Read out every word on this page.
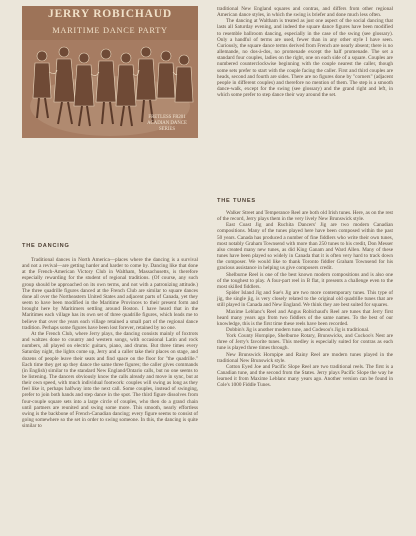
JERRY ROBICHAUD
MARITIME DANCE PARTY
FRETLESS FR201
ACADIAN DANCE SERIES

traditional New England squares and contras, and differs from other regional American dance styles, in which the swing is briefer and done much less often.

The dancing at Waltham is treated as just one aspect of the social dancing that lasts all Saturday evening, and indeed the square dance figures have been modified to resemble ballroom dancing, especially in the case of the swing (see glossary). Only a handful of terms are used, fewer than in any other style I have seen. Curiously, the square dance terms derived from French are nearly absent; there is no allemande, no dos-à-dos, no promenade except the half promenade. The set a standard four couples, ladies on the right, one on each side of a square. Couples are numbered counterclockwise beginning with the couple nearest the caller, though some sets prefer to start with the couple facing the caller. First and third couples are heads, second and fourth are sides. There are no figures done by "corners" (adjacent people in different couples) and therefore no mention of them. The step is a smooth dance-walk, except for the swing (see glossary) and the grand right and left, in which some prefer to step dance their way around the set.

THE TUNES

Walker Street and Temperance Reel are both old Irish tunes. Here, as on the rest of the record, Jerry plays them in the very lively New Brunswick style.

East Coast Jig and Ruchita Dancers' Jig are two modern Canadian compositions. Many of the tunes played here have been composed within the past 50 years. Canada has produced a number of fine fiddlers who write their own tunes, most notably Graham Townsend with more than 250 tunes to his credit, Don Messer also created many new tunes, as did King Ganam and Ward Allen. Many of these tunes have been played so widely in Canada that it is often very hard to track down the composer. We would like to thank Toronto fiddler Graham Townsend for his gracious assistance in helping us give composers credit.

Shelburne Reel is one of the best known modern compositions and is also one of the toughest to play. A four-part reel in B flat, it presents a challenge even to the most skilled fiddlers.

Spider Island Jig and Sue's Jig are two more contemporary tunes. This type of jig, the single jig, is very closely related to the original old quadrille tunes that are still played in Canada and New England. We think they are best suited for squares.

Maxime Leblanc's Reel and Angus Robichaud's Reel are tunes that Jerry first heard many years ago from two fiddlers of the same names. To the best of our knowledge, this is the first time these reels have been recorded.

Dobbin's Jig is another modern tune, and Codesou's Jig is traditional.

York County Hornpipe, Shelburne Rotary, Brunswicks, and Cuckoo's Nest are three of Jerry's favorite tunes. This medley is especially suited for contras as each tune is played three times through.

New Brunswick Hornpipe and Rainy Reel are modern tunes played in the traditional New Brunswick style.

Cotton Eyed Joe and Pacific Slope Reel are two traditional reels. The first is a Canadian tune, and the second from the States. Jerry plays Pacific Slope the way he learned it from Maxime Leblanc many years ago. Another version can be found in Cole's 1000 Fiddle Tunes.

THE DANCING

Traditional dances in North America—places where the dancing is a survival and not a revival—are getting harder and harder to come by. Dancing like that done at the French-American Victory Club in Waltham, Massachusetts, is therefore especially rewarding for the student of regional traditions. (Of course, any such group should be approached on its own terms, and not with a patronizing attitude.) The three quadrille figures danced at the French Club are similar to square dances done all over the Northeastern United States and adjacent parts of Canada, yet they seem to have been modified in the Maritime Provinces to their present form and brought here by Maritimers settling around Boston. I have heard that in the Maritimes each village has its own set of three quadrille figures, which leads me to believe that over the years each village retained a small part of the regional dance tradition. Perhaps some figures have been lost forever, retained by no one.

At the French Club, where Jerry plays, the dancing consists mainly of foxtrots and waltzes done to country and western songs, with occasional Latin and rock numbers, all played on electric guitars, piano, and drums. But three times every Saturday night, the lights come up, Jerry and a caller take their places on stage, and dozens of people leave their seats and find space on the floor for "the quadrille." Each time they get up they dance the same three figures; the caller gives commands (in English) similar to the standard New England/Ontario calls, but no one seems to be listening. The dancers obviously know the calls already and move in sync, but at their own speed, with much individual footwork: couples will swing as long as they feel like it, perhaps halfway into the next call. Some couples, instead of swinging, prefer to join both hands and step dance in the spot. The third figure dissolves from four-couple square sets into a large circle of couples, who then do a grand chain until partners are reunited and swing some more. This smooth, nearly effortless swing is the backbone of French-Canadian dancing; every figure seems to consist of going somewhere so the set in order to swing someone. In this, the dancing is quite similar to
